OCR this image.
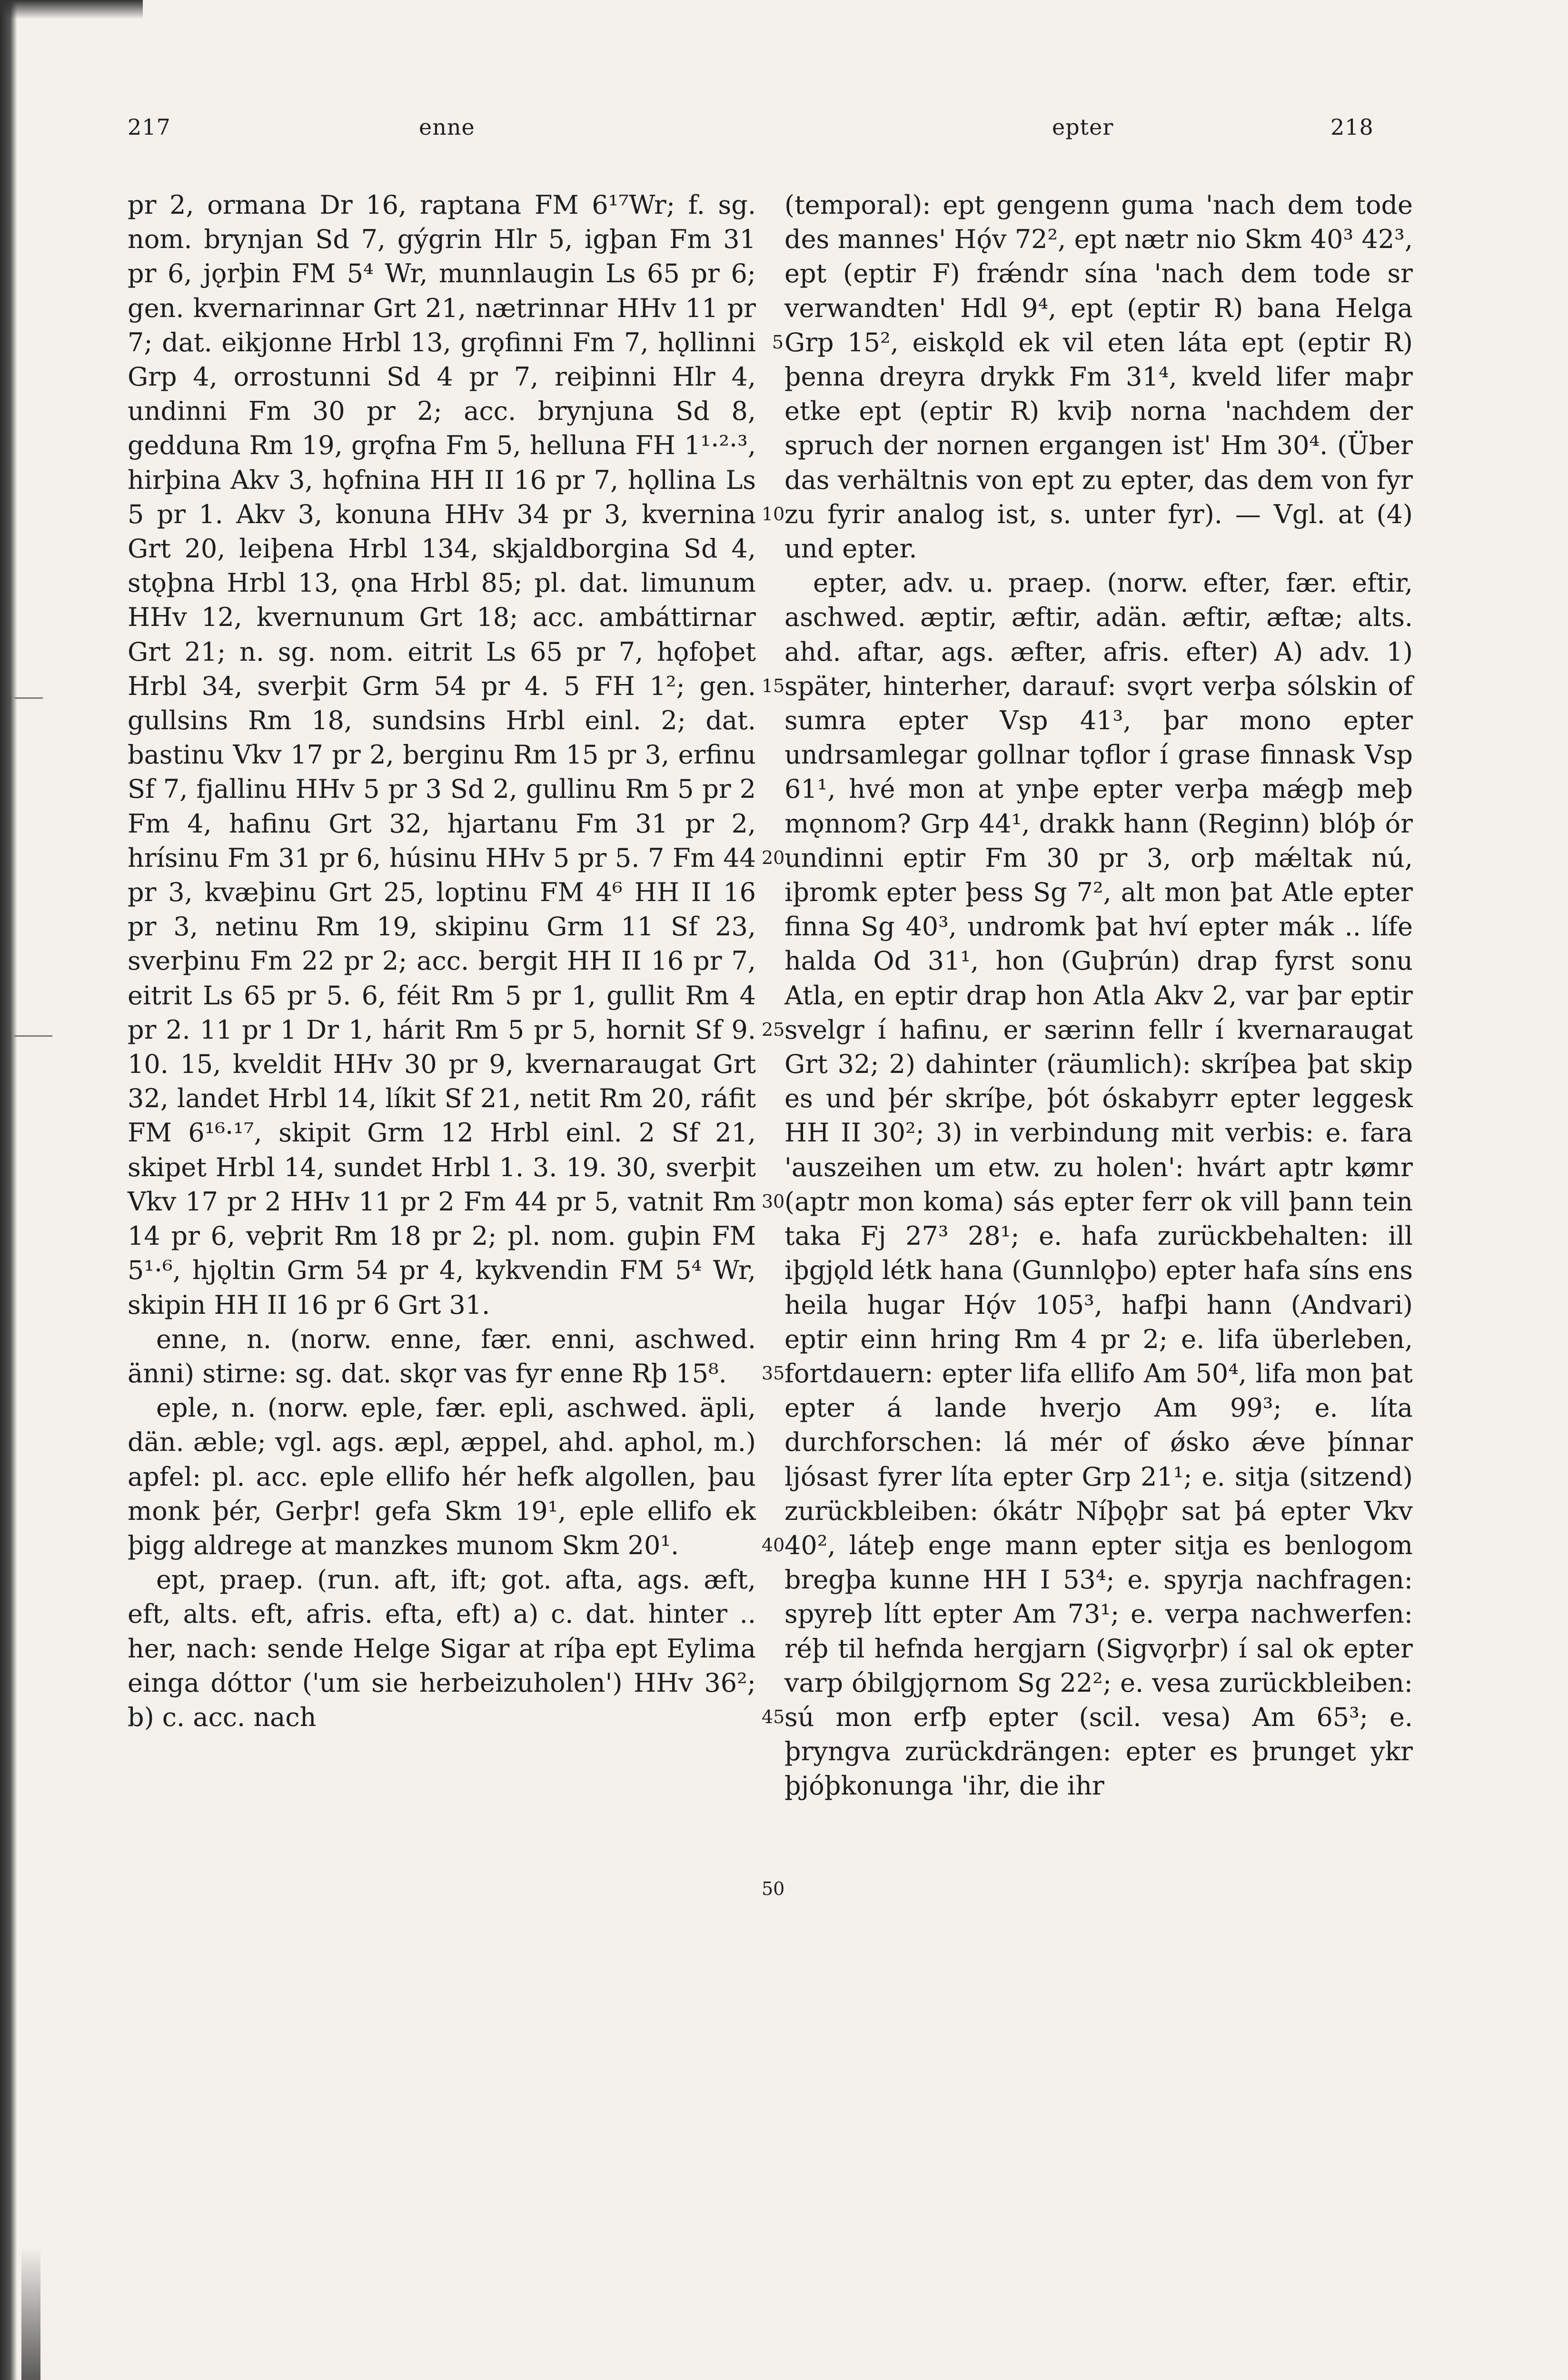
217	enne	epter	218

pr 2, ormana Dr 16, raptana FM 6¹⁷Wr; f. sg. nom. brynjan Sd 7, gýgrin Hlr 5, igþan Fm 31 pr 6, jǫrþin FM 5⁴ Wr, munnlaugin Ls 65 pr 6; gen. kvernarinnar Grt 21, nætrinnar HHv 11 pr 7; dat. eikjonne Hrbl 13, grǫfinni Fm 7, hǫllinni Grp 4, orrostunni Sd 4 pr 7, reiþinni Hlr 4, undinni Fm 30 pr 2; acc. brynjuna Sd 8, gedduna Rm 19, grǫfna Fm 5, helluna FH 1¹·²·³, hirþina Akv 3, hǫfnina HH II 16 pr 7, hǫllina Ls 5 pr 1. Akv 3, konuna HHv 34 pr 3, kvernina Grt 20, leiþena Hrbl 134, skjaldborgina Sd 4, stǫþna Hrbl 13, ǫna Hrbl 85; pl. dat. limunum HHv 12, kvernunum Grt 18; acc. ambáttirnar Grt 21; n. sg. nom. eitrit Ls 65 pr 7, hǫfoþet Hrbl 34, sverþit Grm 54 pr 4. 5 FH 1²; gen. gullsins Rm 18, sundsins Hrbl einl. 2; dat. bastinu Vkv 17 pr 2, berginu Rm 15 pr 3, erfinu Sf 7, fjallinu HHv 5 pr 3 Sd 2, gullinu Rm 5 pr 2 Fm 4, hafinu Grt 32, hjartanu Fm 31 pr 2, hrísinu Fm 31 pr 6, húsinu HHv 5 pr 5. 7 Fm 44 pr 3, kvæþinu Grt 25, loptinu FM 4⁶ HH II 16 pr 3, netinu Rm 19, skipinu Grm 11 Sf 23, sverþinu Fm 22 pr 2; acc. bergit HH II 16 pr 7, eitrit Ls 65 pr 5. 6, féit Rm 5 pr 1, gullit Rm 4 pr 2. 11 pr 1 Dr 1, hárit Rm 5 pr 5, hornit Sf 9. 10. 15, kveldit HHv 30 pr 9, kvernaraugat Grt 32, landet Hrbl 14, líkit Sf 21, netit Rm 20, ráfit FM 6¹⁶·¹⁷, skipit Grm 12 Hrbl einl. 2 Sf 21, skipet Hrbl 14, sundet Hrbl 1. 3. 19. 30, sverþit Vkv 17 pr 2 HHv 11 pr 2 Fm 44 pr 5, vatnit Rm 14 pr 6, veþrit Rm 18 pr 2; pl. nom. guþin FM 5¹·⁶, hjǫltin Grm 54 pr 4, kykvendin FM 5⁴ Wr, skipin HH II 16 pr 6 Grt 31.

enne, n. (norw. enne, fær. enni, aschwed. änni) stirne: sg. dat. skǫr vas fyr enne Rþ 15⁸.

eple, n. (norw. eple, fær. epli, aschwed. äpli, dän. æble; vgl. ags. æpl, æppel, ahd. aphol, m.) apfel: pl. acc. eple ellifo hér hefk algollen, þau monk þér, Gerþr! gefa Skm 19¹, eple ellifo ek þigg aldrege at manzkes munom Skm 20¹.

ept, praep. (run. aft, ift; got. afta, ags. æft, eft, alts. eft, afris. efta, eft) a) c. dat. hinter .. her, nach: sende Helge Sigar at ríþa ept Eylima einga dóttor ('um sie herbeizuholen') HHv 36²; b) c. acc. nach

5
10
15
20
25
30
35
40
45
50

(temporal): ept gengenn guma 'nach dem tode des mannes' Hǫ́v 72², ept nætr nio Skm 40³ 42³, ept (eptir F) frǽndr sína 'nach dem tode sr verwandten' Hdl 9⁴, ept (eptir R) bana Helga Grp 15², eiskǫld ek vil eten láta ept (eptir R) þenna dreyra drykk Fm 31⁴, kveld lifer maþr etke ept (eptir R) kviþ norna 'nachdem der spruch der nornen ergangen ist' Hm 30⁴. (Über das verhältnis von ept zu epter, das dem von fyr zu fyrir analog ist, s. unter fyr). — Vgl. at (4) und epter.

epter, adv. u. praep. (norw. efter, fær. eftir, aschwed. æptir, æftir, adän. æftir, æftæ; alts. ahd. aftar, ags. æfter, afris. efter) A) adv. 1) später, hinterher, darauf: svǫrt verþa sólskin of sumra epter Vsp 41³, þar mono epter undrsamlegar gollnar tǫflor í grase finnask Vsp 61¹, hvé mon at ynþe epter verþa mǽgþ meþ mǫnnom? Grp 44¹, drakk hann (Reginn) blóþ ór undinni eptir Fm 30 pr 3, orþ mǽltak nú, iþromk epter þess Sg 7², alt mon þat Atle epter finna Sg 40³, undromk þat hví epter mák .. lífe halda Od 31¹, hon (Guþrún) drap fyrst sonu Atla, en eptir drap hon Atla Akv 2, var þar eptir svelgr í hafinu, er særinn fellr í kvernaraugat Grt 32; 2) dahinter (räumlich): skríþea þat skip es und þér skríþe, þót óskabyrr epter leggesk HH II 30²; 3) in verbindung mit verbis: e. fara 'auszeihen um etw. zu holen': hvárt aptr kømr (aptr mon koma) sás epter ferr ok vill þann tein taka Fj 27³ 28¹; e. hafa zurückbehalten: ill iþgjǫld létk hana (Gunnlǫþo) epter hafa síns ens heila hugar Hǫ́v 105³, hafþi hann (Andvari) eptir einn hring Rm 4 pr 2; e. lifa überleben, fortdauern: epter lifa ellifo Am 50⁴, lifa mon þat epter á lande hverjo Am 99³; e. líta durchforschen: lá mér of ǿsko ǽve þínnar ljósast fyrer líta epter Grp 21¹; e. sitja (sitzend) zurückbleiben: ókátr Níþǫþr sat þá epter Vkv 40², láteþ enge mann epter sitja es benlogom bregþa kunne HH I 53⁴; e. spyrja nachfragen: spyreþ lítt epter Am 73¹; e. verpa nachwerfen: réþ til hefnda hergjarn (Sigvǫrþr) í sal ok epter varp óbilgjǫrnom Sg 22²; e. vesa zurückbleiben: sú mon erfþ epter (scil. vesa) Am 65³; e. þryngva zurückdrängen: epter es þrunget ykr þjóþkonunga 'ihr, die ihr
